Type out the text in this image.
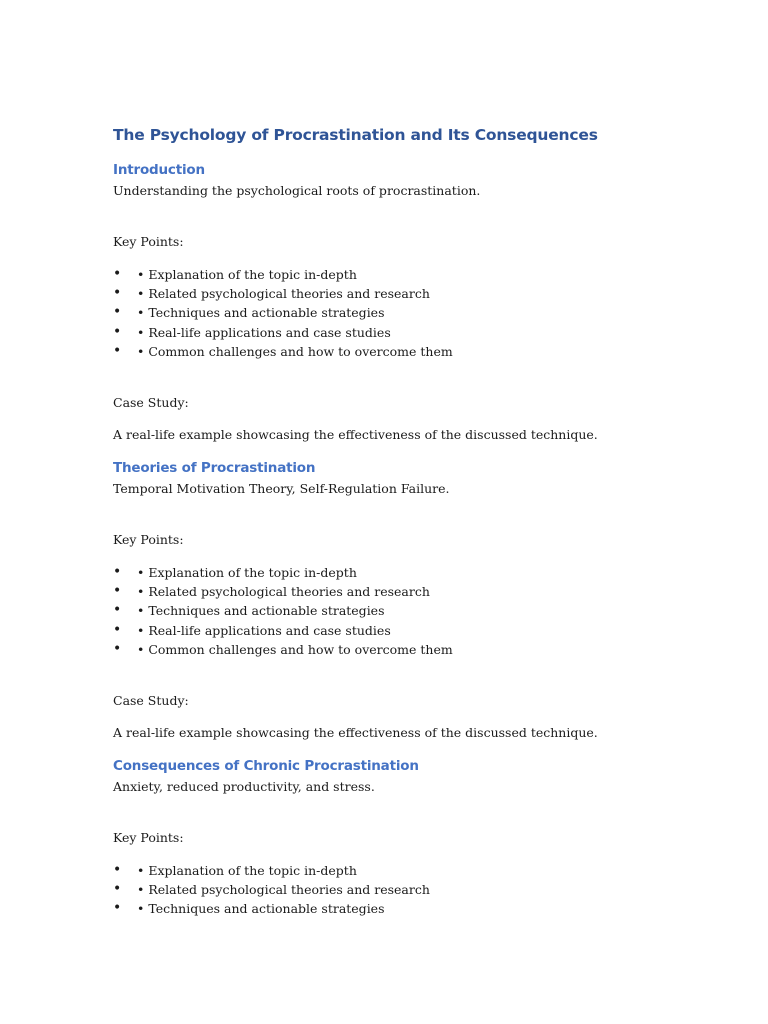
The Psychology of Procrastination and Its Consequences
Introduction

Understanding the psychological roots of procrastination.

Key Points:

• • Explanation of the topic in-depth
• • Related psychological theories and research
• • Techniques and actionable strategies
• • Real-life applications and case studies
• • Common challenges and how to overcome them

Case Study:

A real-life example showcasing the effectiveness of the discussed technique.

Theories of Procrastination

Temporal Motivation Theory, Self-Regulation Failure.

Key Points:

• • Explanation of the topic in-depth
• • Related psychological theories and research
• • Techniques and actionable strategies
• • Real-life applications and case studies
• • Common challenges and how to overcome them

Case Study:

A real-life example showcasing the effectiveness of the discussed technique.

Consequences of Chronic Procrastination

Anxiety, reduced productivity, and stress.

Key Points:

• • Explanation of the topic in-depth
• • Related psychological theories and research
• • Techniques and actionable strategies
